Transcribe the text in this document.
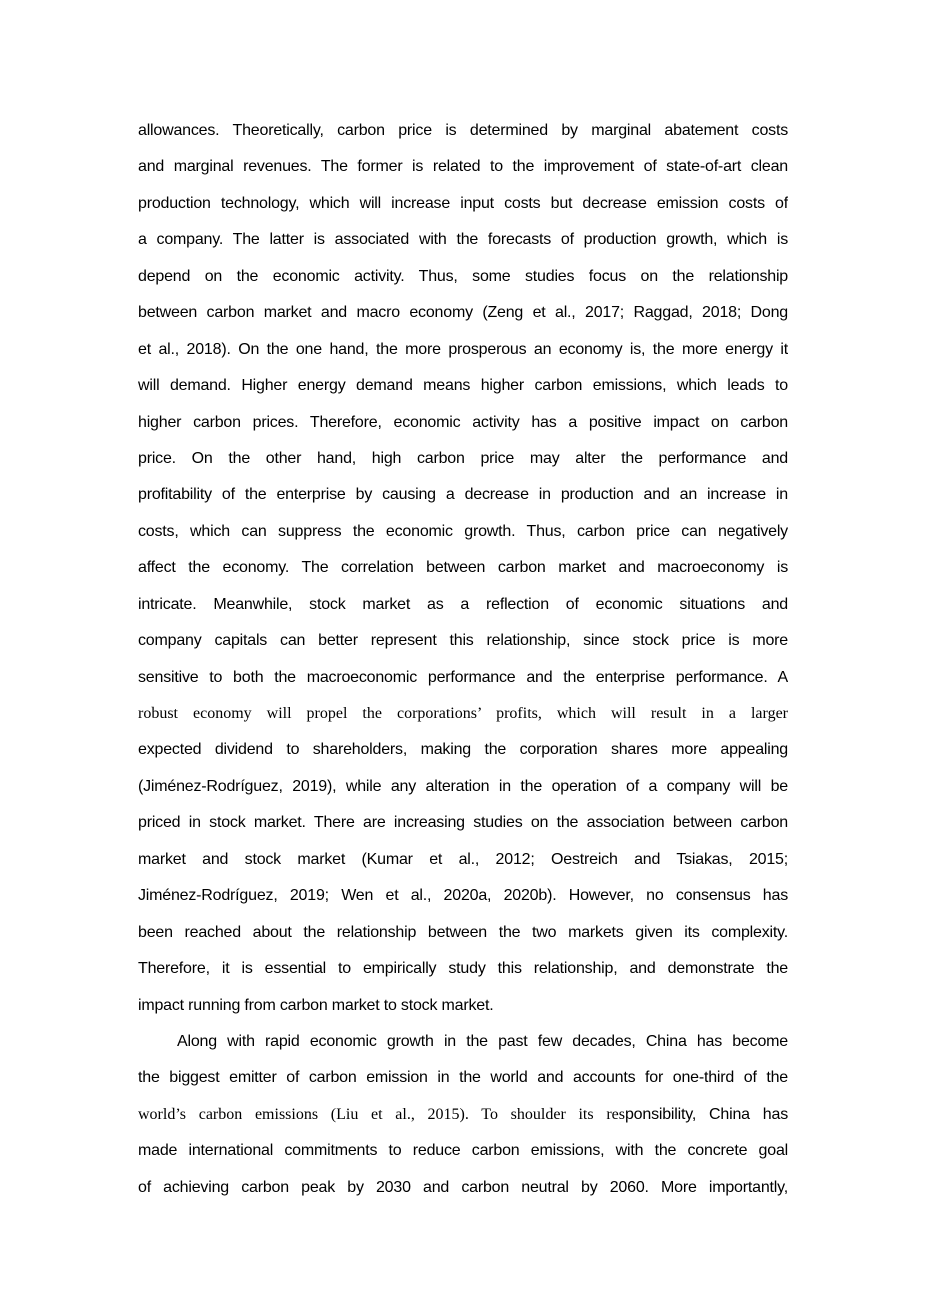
allowances. Theoretically, carbon price is determined by marginal abatement costs
and marginal revenues. The former is related to the improvement of state-of-art clean
production technology, which will increase input costs but decrease emission costs of
a company. The latter is associated with the forecasts of production growth, which is
depend on the economic activity. Thus, some studies focus on the relationship
between carbon market and macro economy (Zeng et al., 2017; Raggad, 2018; Dong
et al., 2018). On the one hand, the more prosperous an economy is, the more energy it
will demand. Higher energy demand means higher carbon emissions, which leads to
higher carbon prices. Therefore, economic activity has a positive impact on carbon
price. On the other hand, high carbon price may alter the performance and
profitability of the enterprise by causing a decrease in production and an increase in
costs, which can suppress the economic growth. Thus, carbon price can negatively
affect the economy. The correlation between carbon market and macroeconomy is
intricate. Meanwhile, stock market as a reflection of economic situations and
company capitals can better represent this relationship, since stock price is more
sensitive to both the macroeconomic performance and the enterprise performance. A
robust economy will propel the corporations’ profits, which will result in a larger
expected dividend to shareholders, making the corporation shares more appealing
(Jiménez-Rodríguez, 2019), while any alteration in the operation of a company will be
priced in stock market. There are increasing studies on the association between carbon
market and stock market (Kumar et al., 2012; Oestreich and Tsiakas, 2015;
Jiménez-Rodríguez, 2019; Wen et al., 2020a, 2020b). However, no consensus has
been reached about the relationship between the two markets given its complexity.
Therefore, it is essential to empirically study this relationship, and demonstrate the
impact running from carbon market to stock market.
Along with rapid economic growth in the past few decades, China has become
the biggest emitter of carbon emission in the world and accounts for one-third of the
world’s carbon emissions (Liu et al., 2015). To shoulder its responsibility, China has
made international commitments to reduce carbon emissions, with the concrete goal
of achieving carbon peak by 2030 and carbon neutral by 2060. More importantly,
